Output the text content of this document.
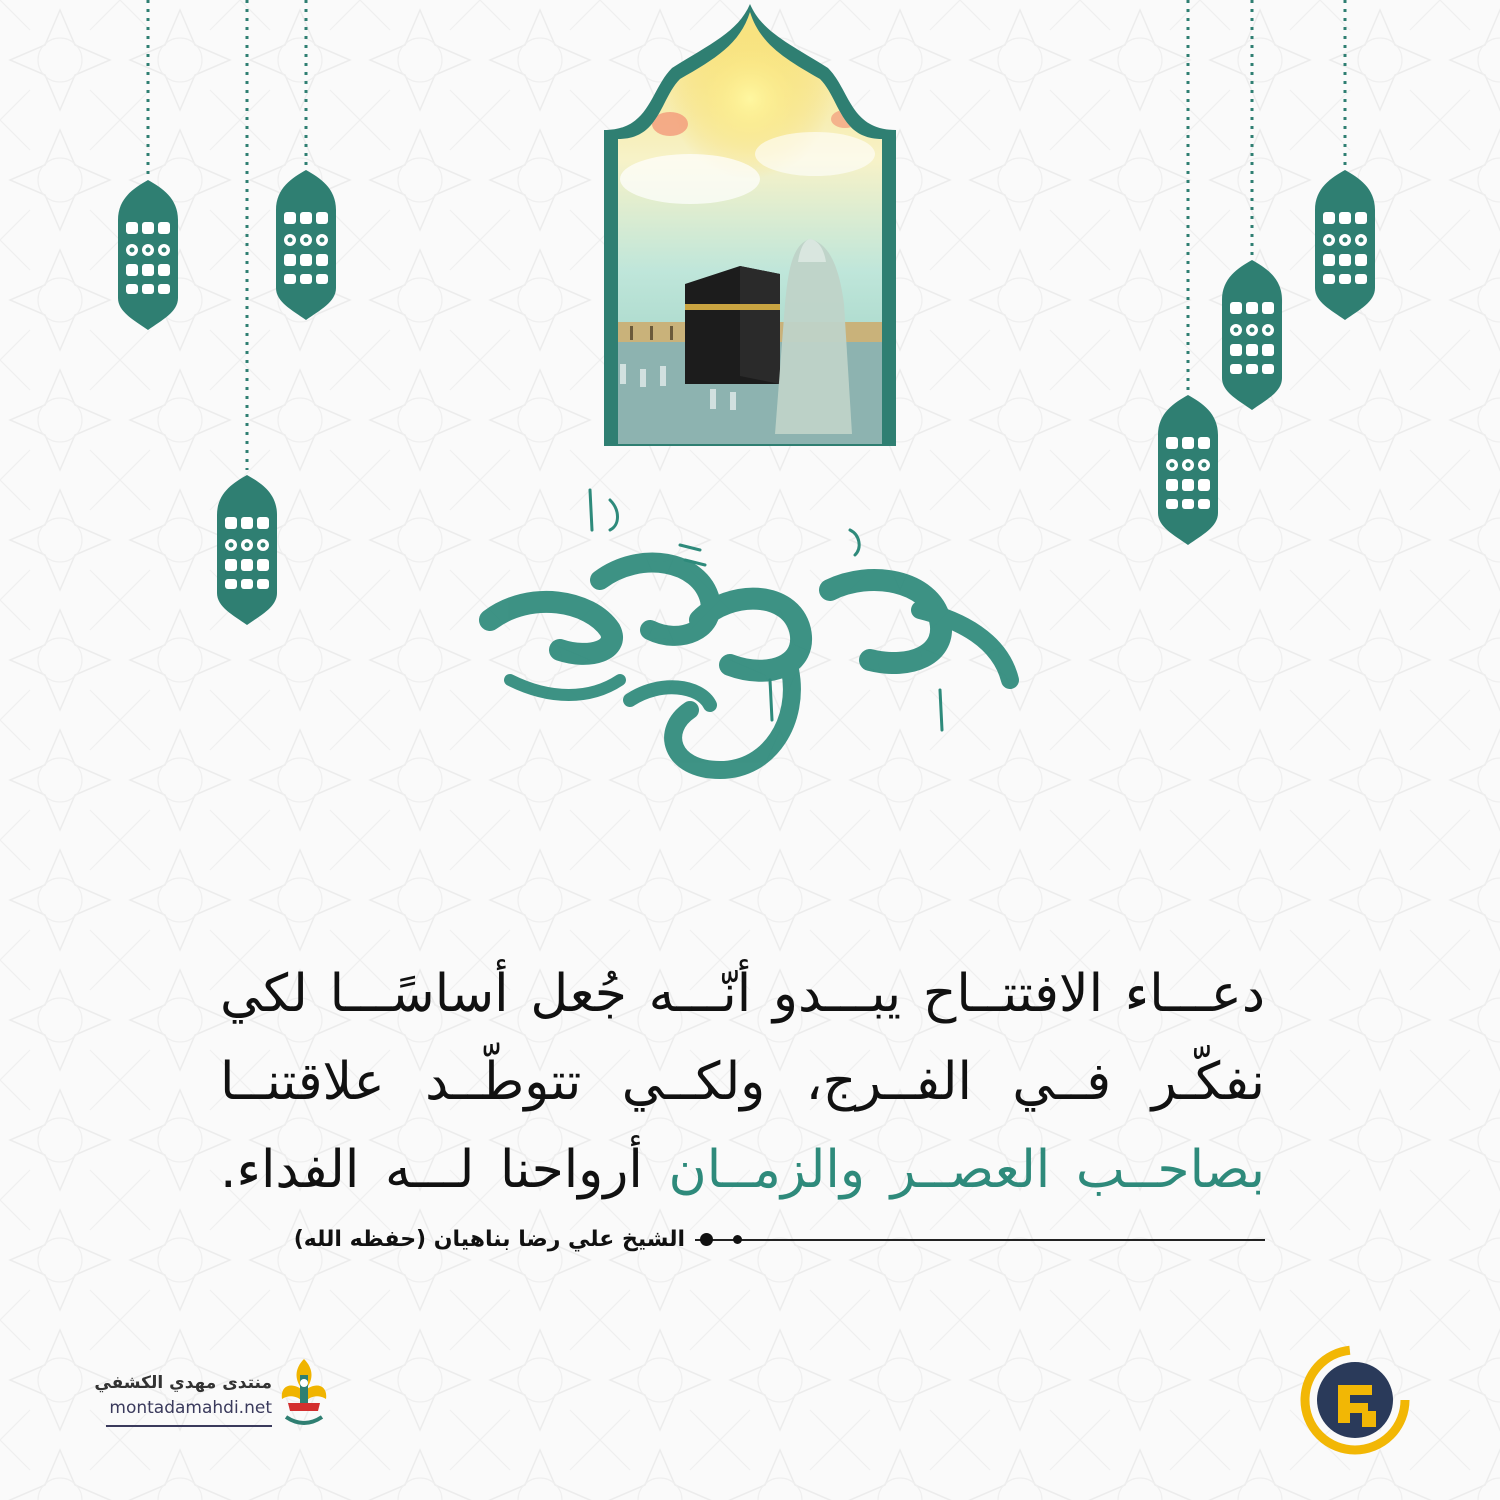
دعـــاء الافتتــاح يبـــدو أنّـــه جُعل أساسًـــا لكي
نفكّـر فــي الفــرج، ولكــي تتوطّــد علاقتنــا
بصاحــب العصــر والزمــان أرواحنا لـــه الفداء.
الشيخ علي رضا بناهيان (حفظه الله)
منتدى مهدي الكشفي
montadamahdi.net
